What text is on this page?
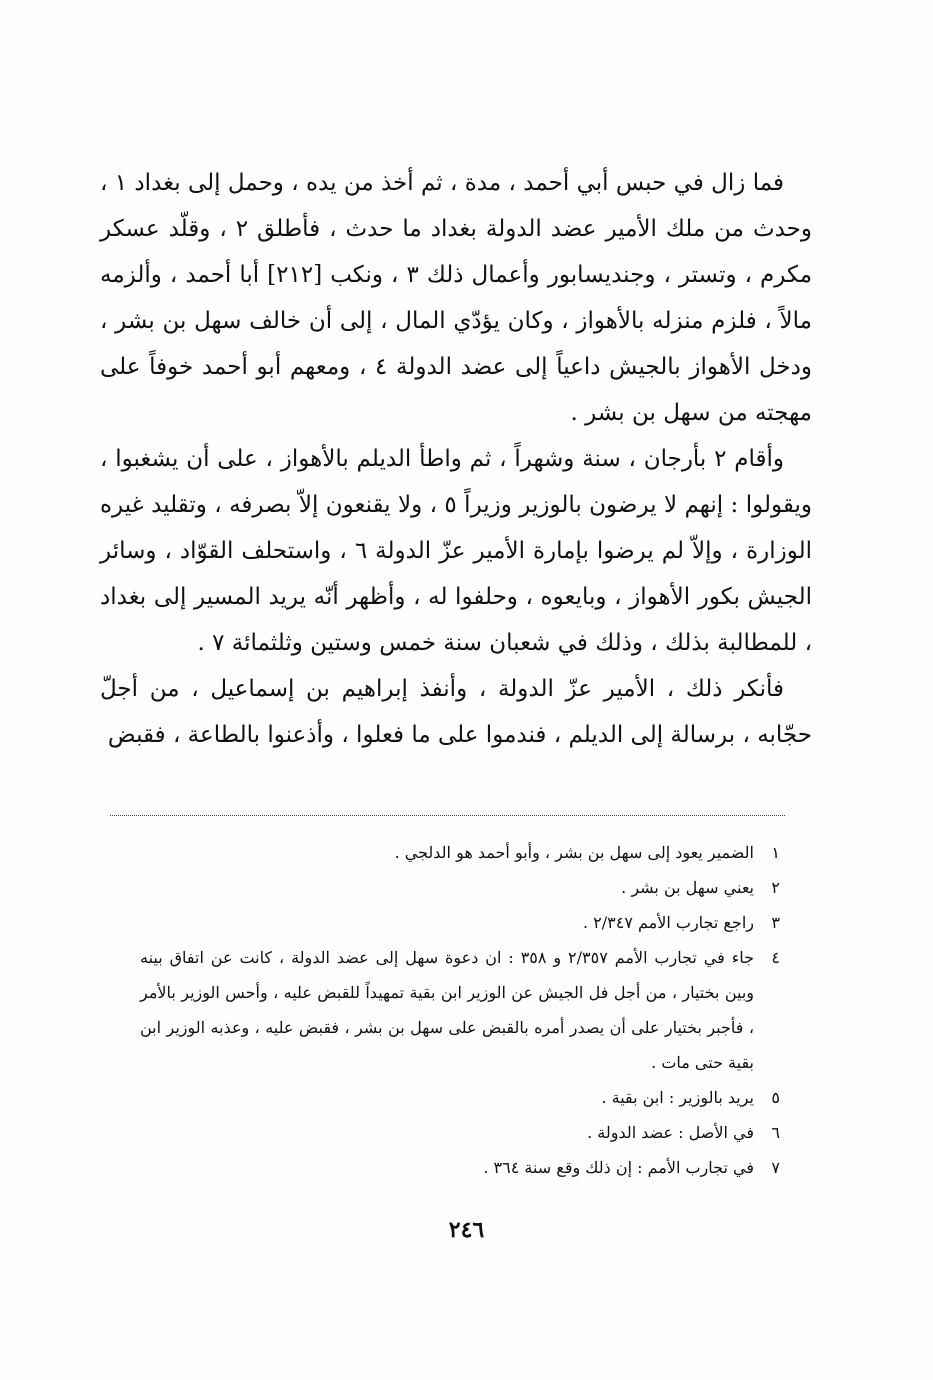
فما زال في حبس أبي أحمد ، مدة ، ثم أخذ من يده ، وحمل إلى بغداد ١ ، وحدث من ملك الأمير عضد الدولة بغداد ما حدث ، فأطلق ٢ ، وقلّد عسكر مكرم ، وتستر ، وجنديسابور وأعمال ذلك ٣ ، ونكب [٢١٢] أبا أحمد ، وألزمه مالاً ، فلزم منزله بالأهواز ، وكان يؤدّي المال ، إلى أن خالف سهل بن بشر ، ودخل الأهواز بالجيش داعياً إلى عضد الدولة ٤ ، ومعهم أبو أحمد خوفاً على مهجته من سهل بن بشر .

وأقام ٢ بأرجان ، سنة وشهراً ، ثم واطأ الديلم بالأهواز ، على أن يشغبوا ، ويقولوا : إنهم لا يرضون بالوزير وزيراً ٥ ، ولا يقنعون إلاّ بصرفه ، وتقليد غيره الوزارة ، وإلاّ لم يرضوا بإمارة الأمير عزّ الدولة ٦ ، واستحلف القوّاد ، وسائر الجيش بكور الأهواز ، وبايعوه ، وحلفوا له ، وأظهر أنّه يريد المسير إلى بغداد ، للمطالبة بذلك ، وذلك في شعبان سنة خمس وستين وثلثمائة ٧ .

فأنكر ذلك ، الأمير عزّ الدولة ، وأنفذ إبراهيم بن إسماعيل ، من أجلّ حجّابه ، برسالة إلى الديلم ، فندموا على ما فعلوا ، وأذعنوا بالطاعة ، فقبض

١
الضمير يعود إلى سهل بن بشر ، وأبو أحمد هو الدلجي .
٢
يعني سهل بن بشر .
٣
راجع تجارب الأمم ٢/٣٤٧ .
٤
جاء في تجارب الأمم ٢/٣٥٧ و ٣٥٨ : ان دعوة سهل إلى عضد الدولة ، كانت عن اتفاق بينه وبين بختيار ، من أجل فل الجيش عن الوزير ابن بقية تمهيداً للقبض عليه ، وأحس الوزير بالأمر ، فأجبر بختيار على أن يصدر أمره بالقبض على سهل بن بشر ، فقبض عليه ، وعذبه الوزير ابن بقية حتى مات .
٥
يريد بالوزير : ابن بقية .
٦
في الأصل : عضد الدولة .
٧
في تجارب الأمم : إن ذلك وقع سنة ٣٦٤ .
٢٤٦
